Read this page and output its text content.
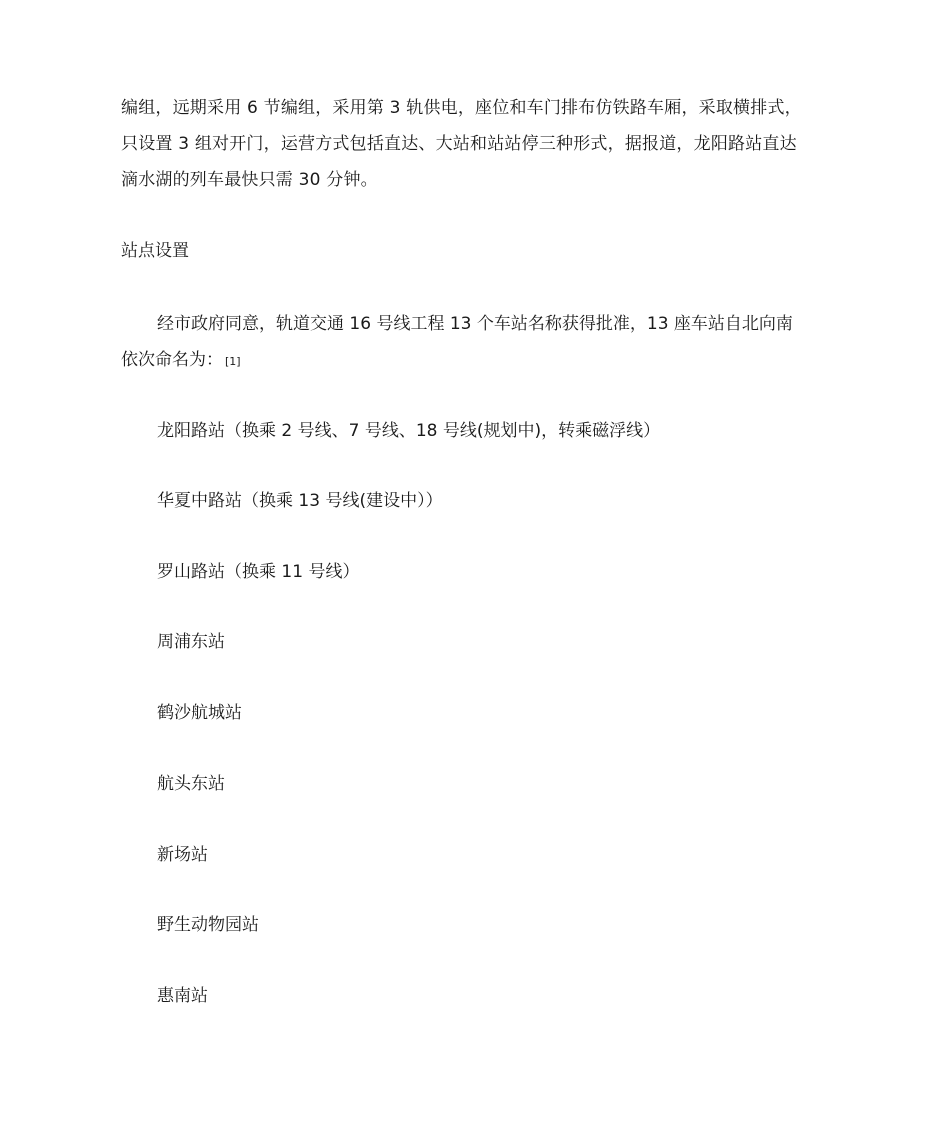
编组，远期采用 6 节编组，采用第 3 轨供电，座位和车门排布仿铁路车厢，采取横排式，
只设置 3 组对开门，运营方式包括直达、大站和站站停三种形式，据报道，龙阳路站直达
滴水湖的列车最快只需 30 分钟。

站点设置

经市政府同意，轨道交通 16 号线工程 13 个车站名称获得批准，13 座车站自北向南
依次命名为： [1]

龙阳路站（换乘 2 号线、7 号线、18 号线(规划中)，转乘磁浮线）

华夏中路站（换乘 13 号线(建设中））

罗山路站（换乘 11 号线）

周浦东站

鹤沙航城站

航头东站

新场站

野生动物园站

惠南站
